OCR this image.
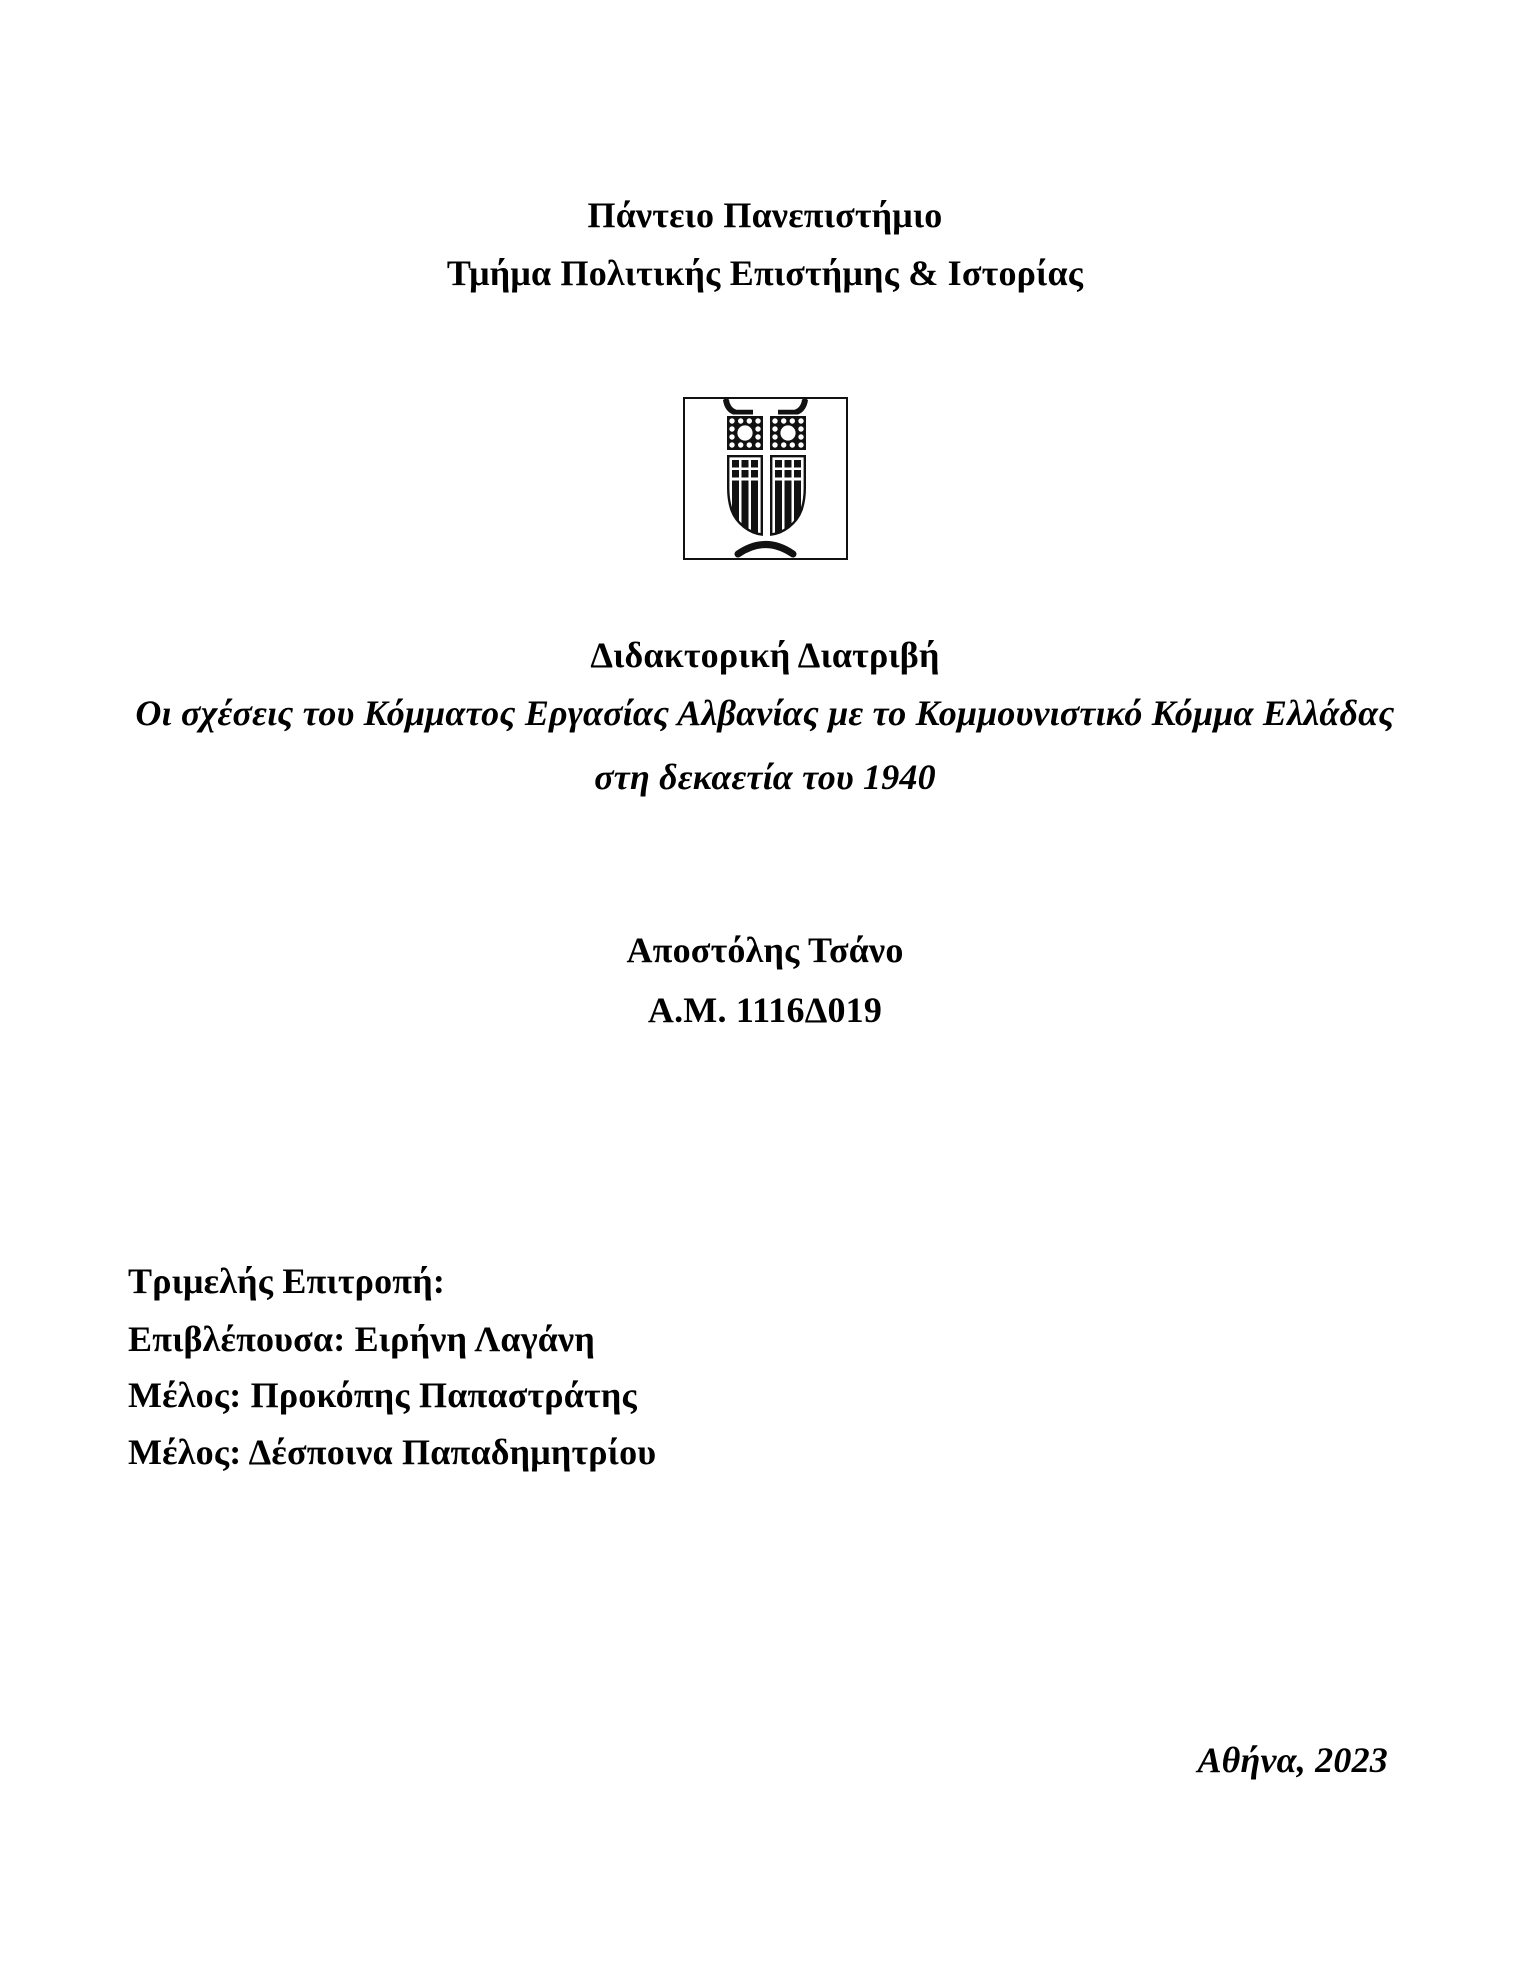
Πάντειο Πανεπιστήμιο
Τμήμα Πολιτικής Επιστήμης & Ιστορίας
Διδακτορική Διατριβή
Οι σχέσεις του Κόμματος Εργασίας Αλβανίας με το Κομμουνιστικό Κόμμα Ελλάδας
στη δεκαετία του 1940
Αποστόλης Τσάνο
Α.Μ. 1116Δ019
Τριμελής Επιτροπή:
Επιβλέπουσα: Ειρήνη Λαγάνη
Μέλος: Προκόπης Παπαστράτης
Μέλος: Δέσποινα Παπαδημητρίου
Αθήνα, 2023
